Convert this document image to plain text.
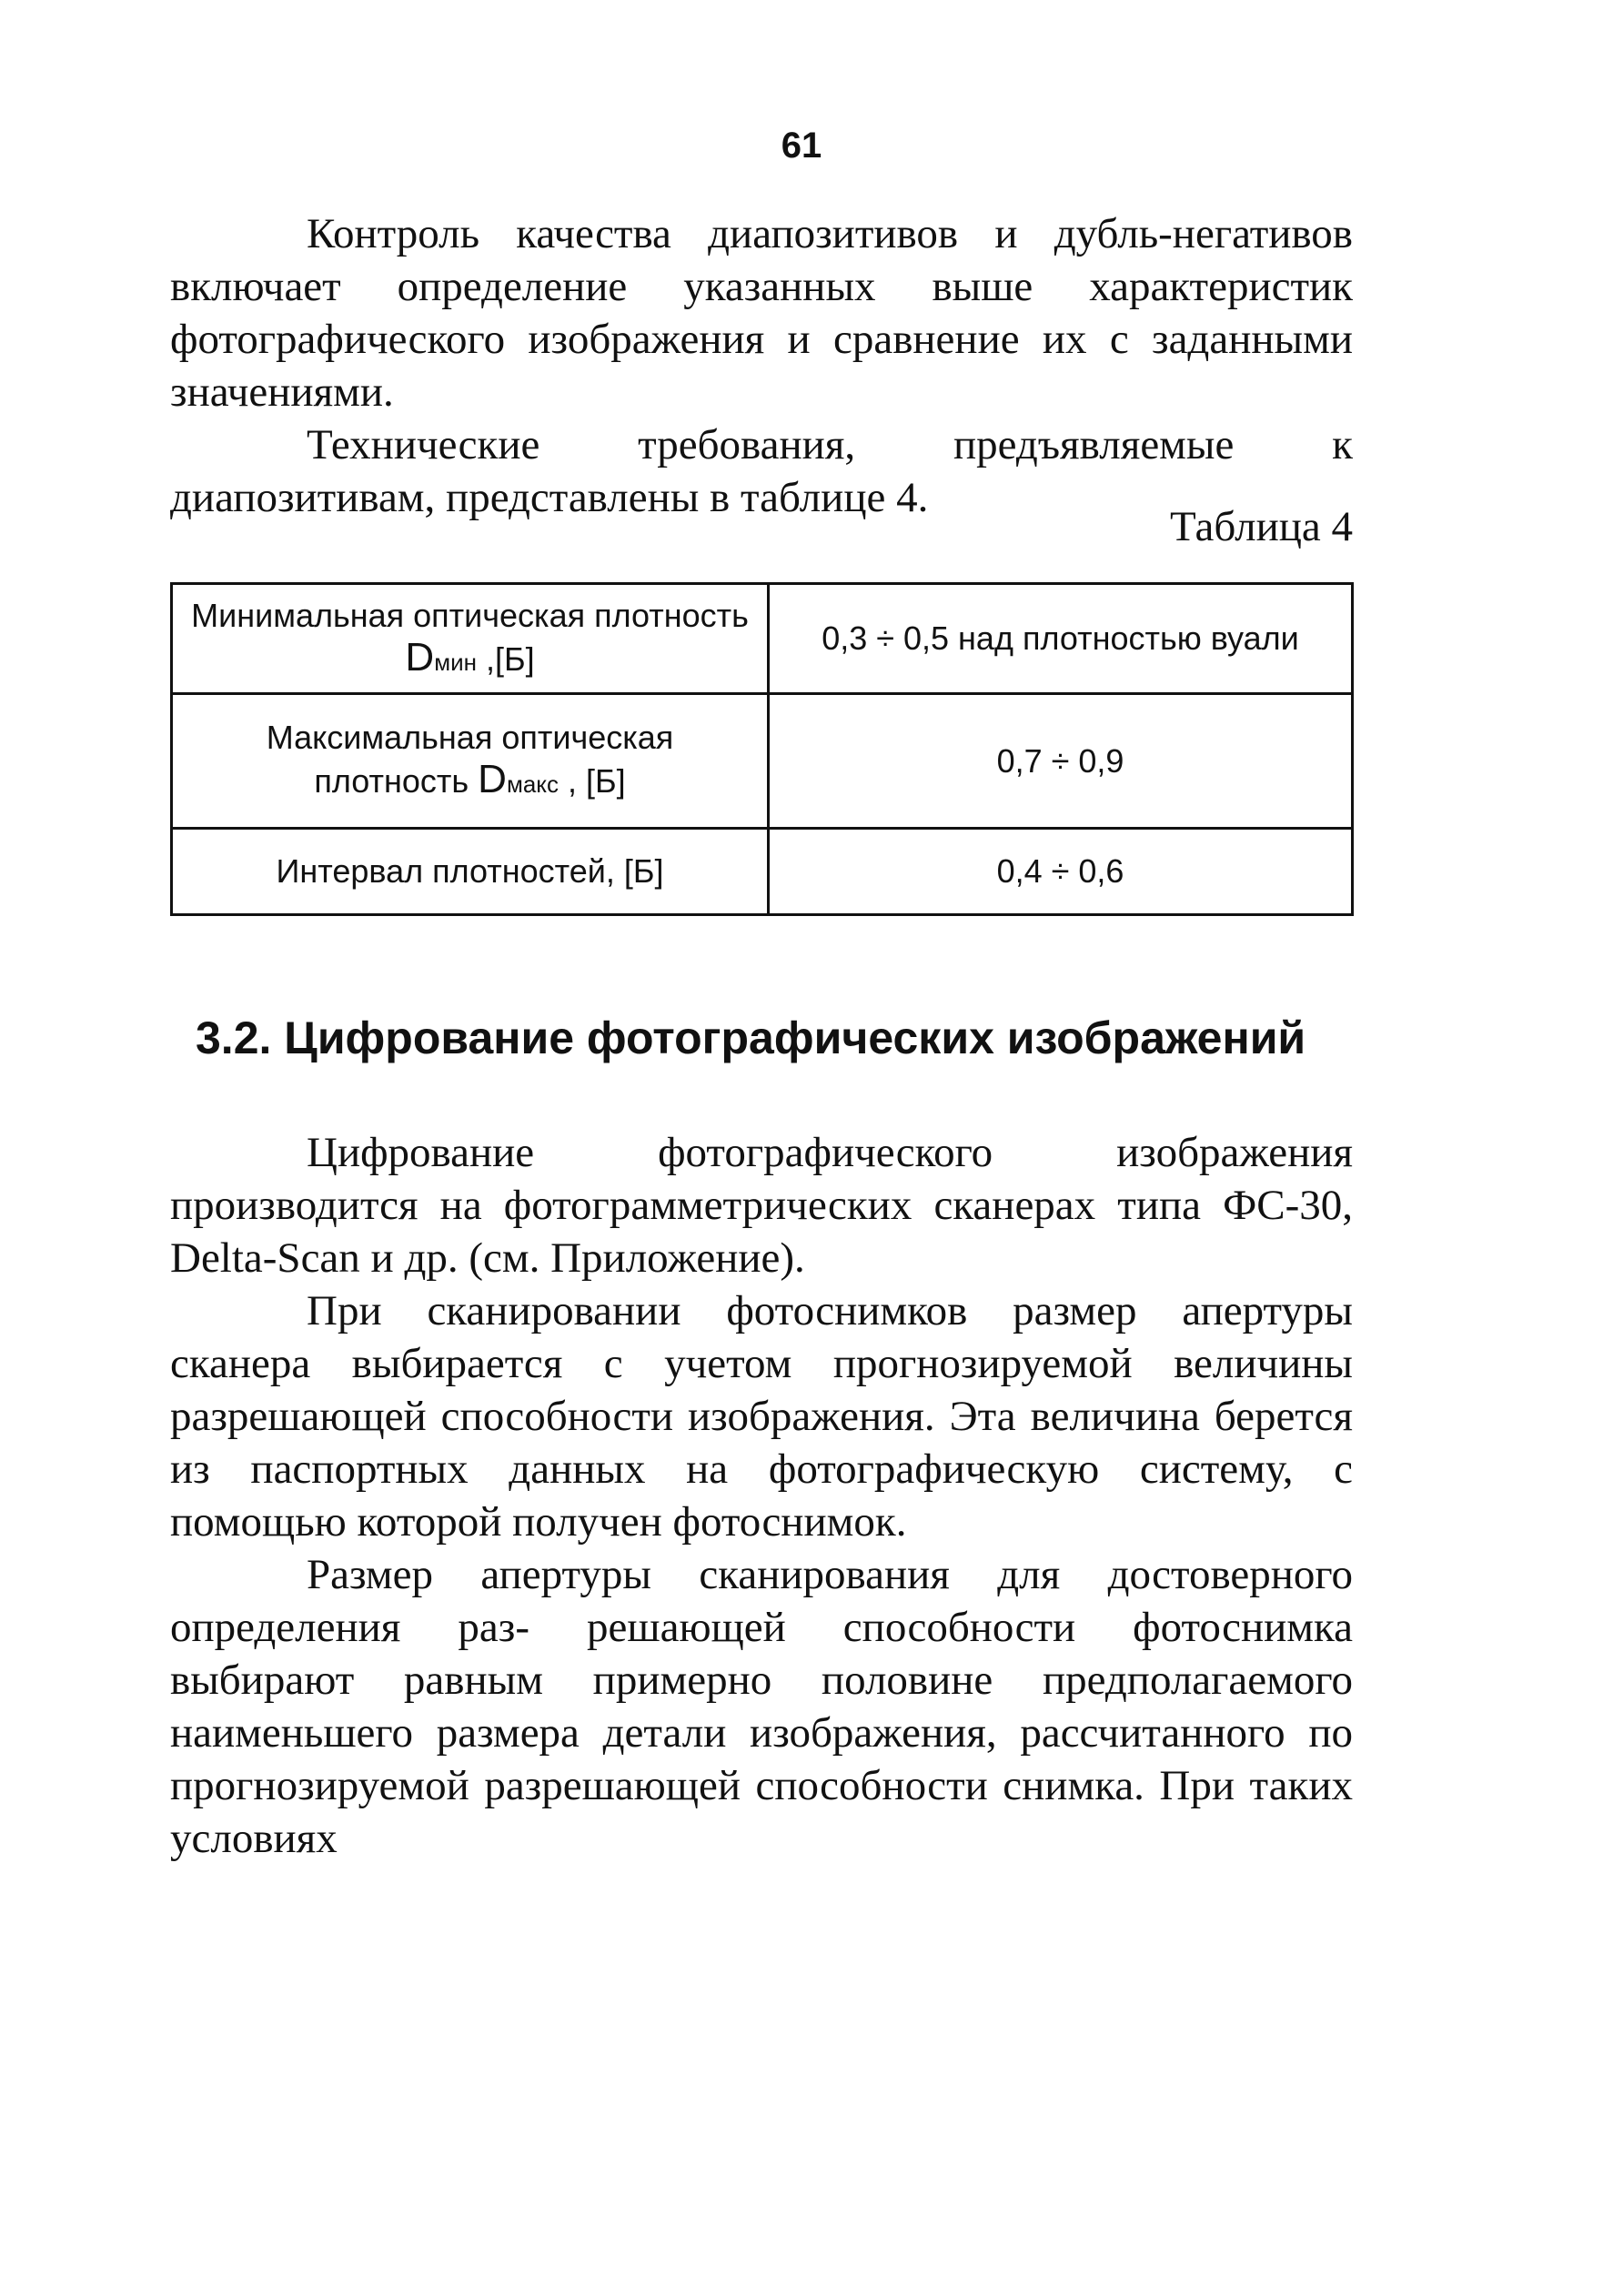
61

Контроль качества диапозитивов и дубль-негативов включает определение указанных выше характеристик фотографического изображения и сравнение их с заданными значениями.

Технические требования, предъявляемые к диапозитивам, представлены в таблице 4.

Таблица 4
Минимальная оптическая плотность Dмин ,[Б]	0,3 ÷ 0,5 над плотностью вуали
Максимальная оптическая плотность Dмакс , [Б]	0,7 ÷ 0,9
Интервал плотностей, [Б]	0,4 ÷ 0,6
3.2. Цифрование фотографических изображений

Цифрование фотографического изображения производится на фотограмметрических сканерах типа ФС-30, Delta-Scan и др. (см. Приложение).

При сканировании фотоснимков размер апертуры сканера выбирается с учетом прогнозируемой величины разрешающей способности изображения. Эта величина берется из паспортных данных на фотографическую систему, с помощью которой получен фотоснимок.

Размер апертуры сканирования для достоверного определения раз- решающей способности фотоснимка выбирают равным примерно половине предполагаемого наименьшего размера детали изображения, рассчитанного по прогнозируемой разрешающей способности снимка. При таких условиях
